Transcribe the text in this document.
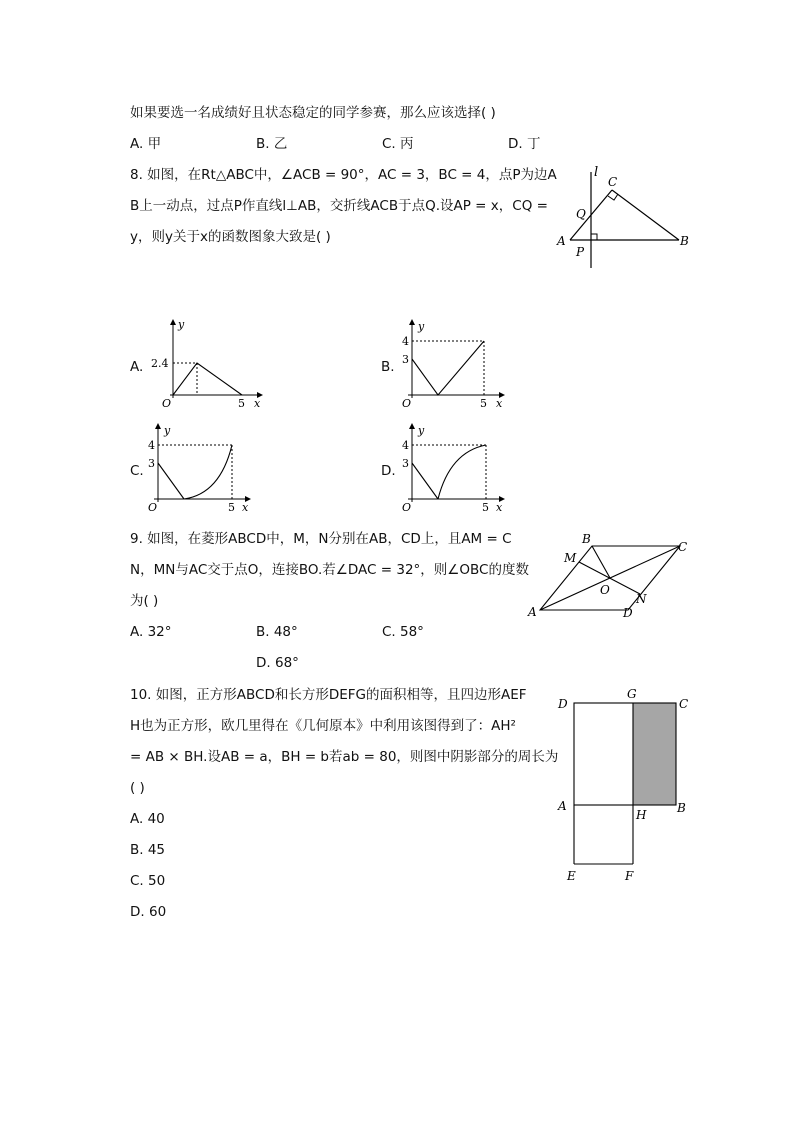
如果要选一名成绩好且状态稳定的同学参赛，那么应该选择( )
A. 甲	B. 乙	C. 丙	D. 丁
8. 如图，在Rt△ABC中，∠ACB = 90°，AC = 3，BC = 4，点P为边A
B上一动点，过点P作直线l⊥AB，交折线ACB于点Q.设AP = x，CQ =
y，则y关于x的函数图象大致是( )
l
C
Q
A
P
B
A.	B.
C.	D.
y
2.4
O	5 x
y
4
3
O	5 x
y
4
3
O	5 x
y
4
3
O	5 x
9. 如图，在菱形ABCD中，M，N分别在AB，CD上，且AM = C
N，MN与AC交于点O，连接BO.若∠DAC = 32°，则∠OBC的度数
为( )
A. 32°	B. 48°	C. 58°
D. 68°
B
C
M
O
N
A	D
10. 如图，正方形ABCD和长方形DEFG的面积相等，且四边形AEF
H也为正方形，欧几里得在《几何原本》中利用该图得到了：AH²
= AB × BH.设AB = a，BH = b若ab = 80，则图中阴影部分的周长为
( )
A. 40
B. 45
C. 50
D. 60
D
G
C
A
H	B
E	F
